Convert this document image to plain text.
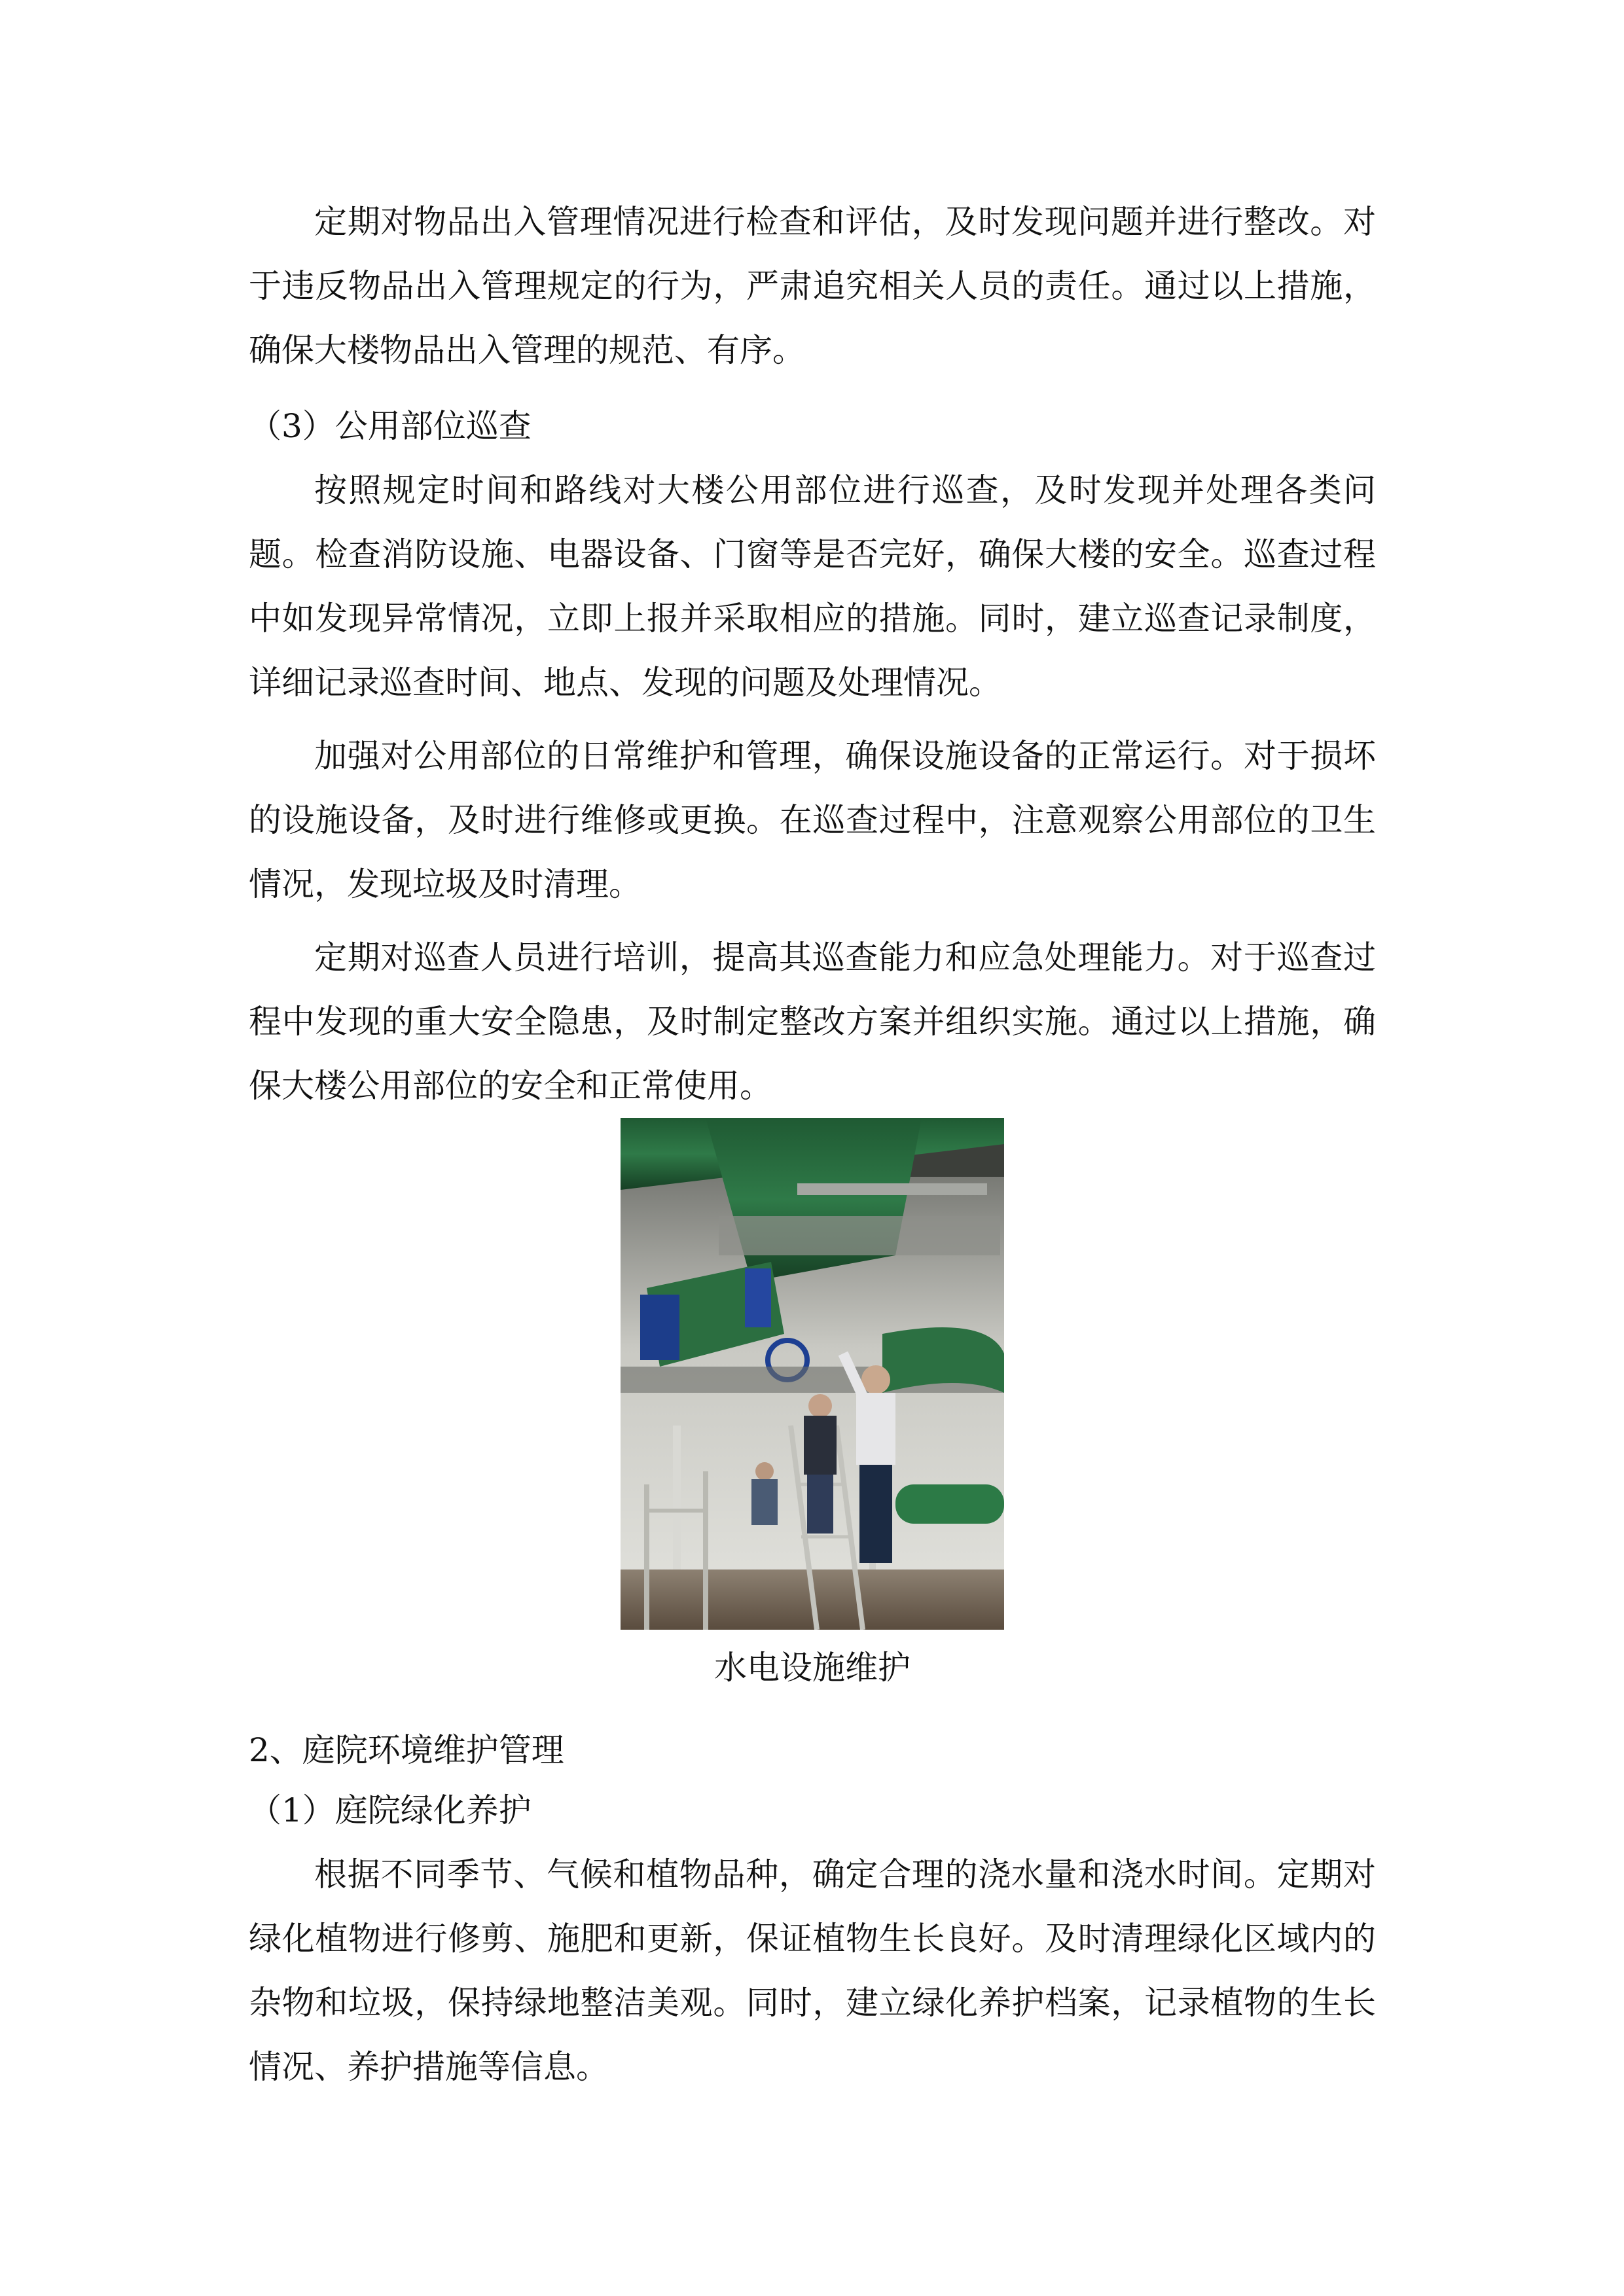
定期对物品出入管理情况进行检查和评估，及时发现问题并进行整改。对于违反物品出入管理规定的行为，严肃追究相关人员的责任。通过以上措施，确保大楼物品出入管理的规范、有序。

（3）公用部位巡查

按照规定时间和路线对大楼公用部位进行巡查，及时发现并处理各类问题。检查消防设施、电器设备、门窗等是否完好，确保大楼的安全。巡查过程中如发现异常情况，立即上报并采取相应的措施。同时，建立巡查记录制度，详细记录巡查时间、地点、发现的问题及处理情况。

加强对公用部位的日常维护和管理，确保设施设备的正常运行。对于损坏的设施设备，及时进行维修或更换。在巡查过程中，注意观察公用部位的卫生情况，发现垃圾及时清理。

定期对巡查人员进行培训，提高其巡查能力和应急处理能力。对于巡查过程中发现的重大安全隐患，及时制定整改方案并组织实施。通过以上措施，确保大楼公用部位的安全和正常使用。

水电设施维护

2、庭院环境维护管理

（1）庭院绿化养护

根据不同季节、气候和植物品种，确定合理的浇水量和浇水时间。定期对绿化植物进行修剪、施肥和更新，保证植物生长良好。及时清理绿化区域内的杂物和垃圾，保持绿地整洁美观。同时，建立绿化养护档案，记录植物的生长情况、养护措施等信息。
